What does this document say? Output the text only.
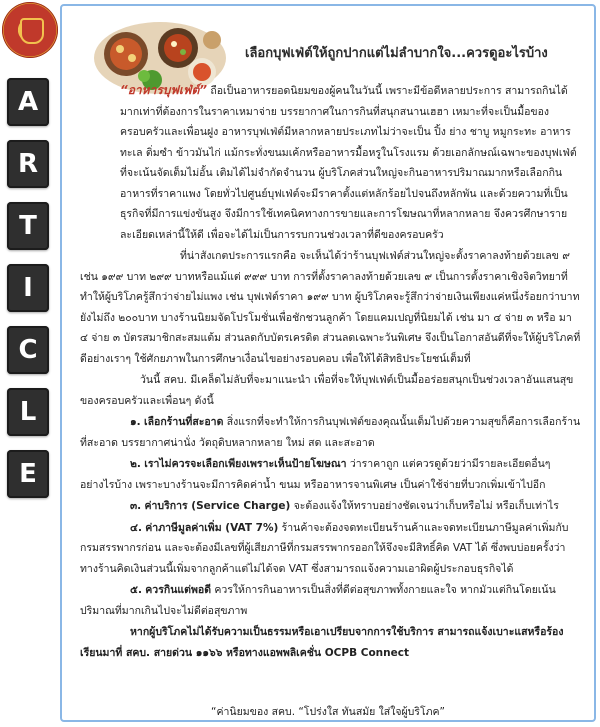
A
R
T
I
C
L
E
เลือกบุฟเฟ่ต์ให้ถูกปากแต่ไม่ลำบากใจ...ควรดูอะไรบ้าง

“อาหารบุฟเฟ่ต์” ถือเป็นอาหารยอดนิยมของผู้คนในวันนี้ เพราะมีข้อดีหลายประการ สามารถกินได้มากเท่าที่ต้องการในราคาเหมาจ่าย บรรยากาศในการกินที่สนุกสนานเฮฮา เหมาะที่จะเป็นมื้อของครอบครัวและเพื่อนฝูง อาหารบุฟเฟ่ต์มีหลากหลายประเภทไม่ว่าจะเป็น ปิ้ง ย่าง ชาบู หมูกระทะ อาหารทะเล ติ่มซำ ข้าวมันไก่ แม้กระทั่งขนมเค้กหรืออาหารมื้อหรูในโรงแรม ด้วยเอกลักษณ์เฉพาะของบุฟเฟ่ต์ ที่จะเน้นจัดเต็มไม่อั้น เติมได้ไม่จำกัดจำนวน ผู้บริโภคส่วนใหญ่จะกินอาหารปริมาณมากหรือเลือกกินอาหารที่ราคาแพง โดยทั่วไปศูนย์บุฟเฟ่ต์จะมีราคาตั้งแต่หลักร้อยไปจนถึงหลักพัน และด้วยความที่เป็นธุรกิจที่มีการแข่งขันสูง จึงมีการใช้เทคนิคทางการขายและการโฆษณาที่หลากหลาย จึงควรศึกษารายละเอียดเหล่านี้ให้ดี เพื่อจะได้ไม่เป็นการรบกวนช่วงเวลาที่ดีของครอบครัว

ที่น่าสังเกตประการแรกคือ จะเห็นได้ว่าร้านบุฟเฟ่ต์ส่วนใหญ่จะตั้งราคาลงท้ายด้วยเลข ๙ เช่น ๑๙๙ บาท ๒๙๙ บาทหรือแม้แต่ ๙๙๙ บาท การที่ตั้งราคาลงท้ายด้วยเลข ๙ เป็นการตั้งราคาเชิงจิตวิทยาที่ทำให้ผู้บริโภครู้สึกว่าจ่ายไม่แพง เช่น บุฟเฟ่ต์ราคา ๑๙๙ บาท ผู้บริโภคจะรู้สึกว่าจ่ายเงินเพียงแค่หนึ่งร้อยกว่าบาทยังไม่ถึง ๒๐๐บาท บางร้านนิยมจัดโปรโมชั่นเพื่อชักชวนลูกค้า โดยแคมเปญที่นิยมได้ เช่น มา ๔ จ่าย ๓ หรือ มา ๔ จ่าย ๓ บัตรสมาชิกสะสมแต้ม ส่วนลดกับบัตรเครดิต ส่วนลดเฉพาะวันพิเศษ จึงเป็นโอกาสอันดีที่จะให้ผู้บริโภคที่ดีอย่างเราๆ ใช้ศักยภาพในการศึกษาเงื่อนไขอย่างรอบคอบ เพื่อให้ได้สิทธิประโยชน์เต็มที่

วันนี้ สคบ. มีเคล็ดไม่ลับที่จะมาแนะนำ เพื่อที่จะให้บุฟเฟ่ต์เป็นมื้ออร่อยสนุกเป็นช่วงเวลาอันแสนสุขของครอบครัวและเพื่อนๆ ดังนี้

๑. เลือกร้านที่สะอาด สิ่งแรกที่จะทำให้การกินบุฟเฟ่ต์ของคุณนั้นเต็มไปด้วยความสุขก็คือการเลือกร้านที่สะอาด บรรยากาศน่านั่ง วัตถุดิบหลากหลาย ใหม่ สด และสะอาด

๒. เราไม่ควรจะเลือกเพียงเพราะเห็นป้ายโฆษณา ว่าราคาถูก แต่ควรดูด้วยว่ามีรายละเอียดอื่นๆ อย่างไรบ้าง เพราะบางร้านจะมีการคิดค่าน้ำ ขนม หรืออาหารจานพิเศษ เป็นค่าใช้จ่ายที่บวกเพิ่มเข้าไปอีก

๓. ค่าบริการ (Service Charge) จะต้องแจ้งให้ทราบอย่างชัดเจนว่าเก็บหรือไม่ หรือเก็บเท่าไร

๔. ค่าภาษีมูลค่าเพิ่ม (VAT 7%) ร้านค้าจะต้องจดทะเบียนร้านค้าและจดทะเบียนภาษีมูลค่าเพิ่มกับกรมสรรพากรก่อน และจะต้องมีเลขที่ผู้เสียภาษีที่กรมสรรพากรออกให้จึงจะมีสิทธิ์คิด VAT ได้ ซึ่งพบบ่อยครั้งว่าทางร้านคิดเงินส่วนนี้เพิ่มจากลูกค้าแต่ไม่ได้จด VAT ซึ่งสามารถแจ้งความเอาผิดผู้ประกอบธุรกิจได้

๕. ควรกินแต่พอดี ควรให้การกินอาหารเป็นสิ่งที่ดีต่อสุขภาพทั้งกายและใจ หากมัวแต่กินโดยเน้นปริมาณที่มากเกินไปจะไม่ดีต่อสุขภาพ

หากผู้บริโภคไม่ได้รับความเป็นธรรมหรือเอาเปรียบจากการใช้บริการ สามารถแจ้งเบาะแสหรือร้องเรียนมาที่ สคบ. สายด่วน ๑๑๖๖ หรือทางแอพพลิเคชั่น OCPB Connect

“ค่านิยมของ สคบ. “โปร่งใส ทันสมัย ใส่ใจผู้บริโภค”
